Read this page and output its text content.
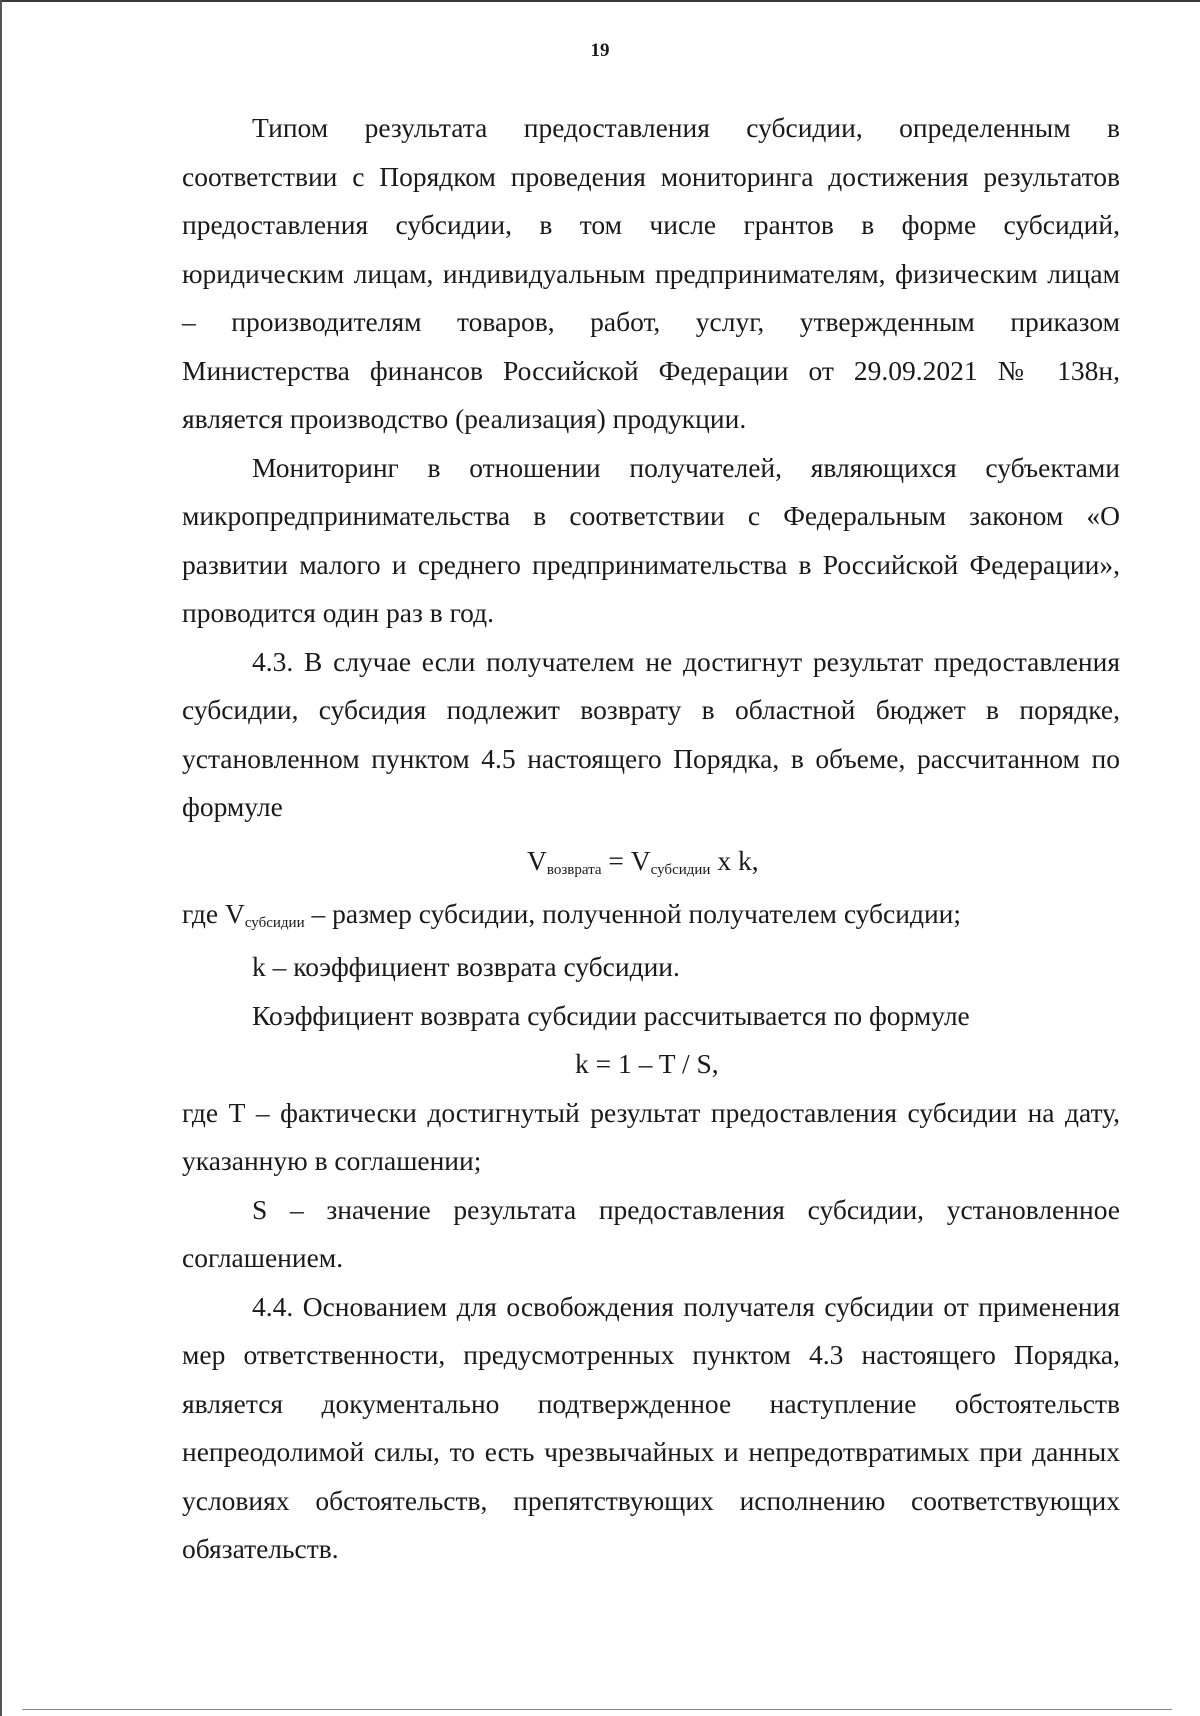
19

Типом результата предоставления субсидии, определенным в соответствии с Порядком проведения мониторинга достижения результатов предоставления субсидии, в том числе грантов в форме субсидий, юридическим лицам, индивидуальным предпринимателям, физическим лицам – производителям товаров, работ, услуг, утвержденным приказом Министерства финансов Российской Федерации от 29.09.2021 № 138н, является производство (реализация) продукции.

Мониторинг в отношении получателей, являющихся субъектами микропредпринимательства в соответствии с Федеральным законом «О развитии малого и среднего предпринимательства в Российской Федерации», проводится один раз в год.

4.3. В случае если получателем не достигнут результат предоставления субсидии, субсидия подлежит возврату в областной бюджет в порядке, установленном пунктом 4.5 настоящего Порядка, в объеме, рассчитанном по формуле

Vвозврата = Vсубсидии x k,

где Vсубсидии – размер субсидии, полученной получателем субсидии;

k – коэффициент возврата субсидии.

Коэффициент возврата субсидии рассчитывается по формуле

k = 1 – T / S,

где Т – фактически достигнутый результат предоставления субсидии на дату, указанную в соглашении;

S – значение результата предоставления субсидии, установленное соглашением.

4.4. Основанием для освобождения получателя субсидии от применения мер ответственности, предусмотренных пунктом 4.3 настоящего Порядка, является документально подтвержденное наступление обстоятельств непреодолимой силы, то есть чрезвычайных и непредотвратимых при данных условиях обстоятельств, препятствующих исполнению соответствующих обязательств.
